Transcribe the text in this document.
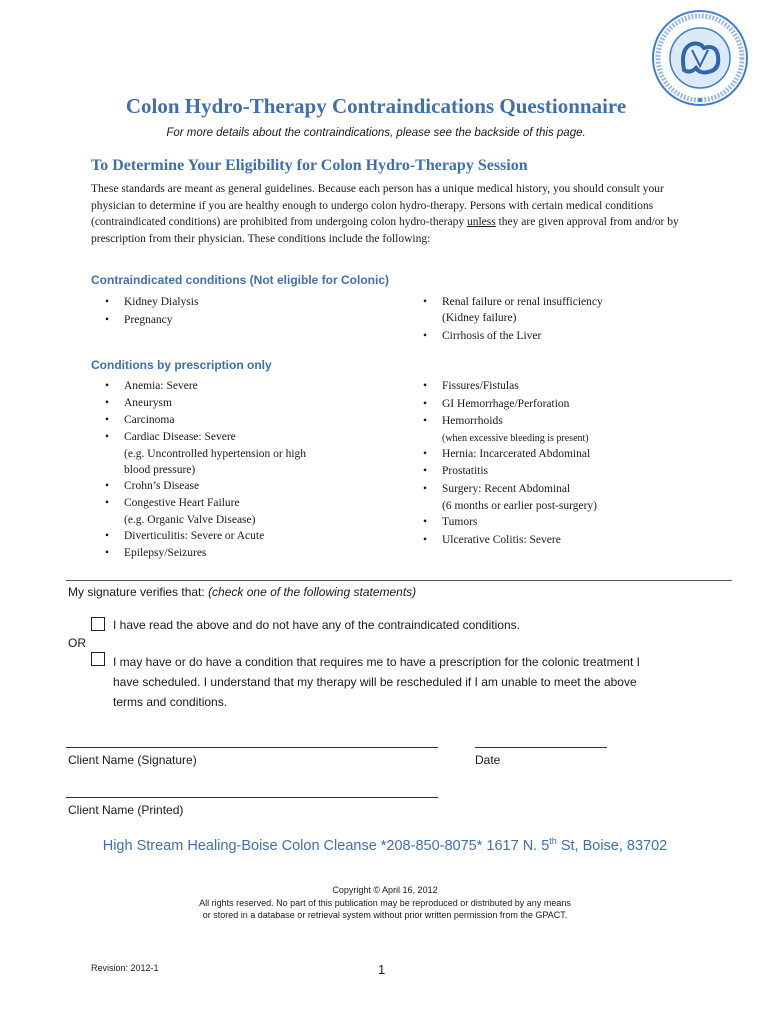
Colon Hydro-Therapy Contraindications Questionnaire
For more details about the contraindications, please see the backside of this page.
To Determine Your Eligibility for Colon Hydro-Therapy Session
These standards are meant as general guidelines. Because each person has a unique medical history, you should consult your physician to determine if you are healthy enough to undergo colon hydro-therapy. Persons with certain medical conditions (contraindicated conditions) are prohibited from undergoing colon hydro-therapy unless they are given approval from and/or by prescription from their physician. These conditions include the following:
Contraindicated conditions (Not eligible for Colonic)
• Kidney Dialysis
• Pregnancy
• Renal failure or renal insufficiency
(Kidney failure)
• Cirrhosis of the Liver
Conditions by prescription only
• Anemia: Severe
• Aneurysm
• Carcinoma
• Cardiac Disease: Severe
(e.g. Uncontrolled hypertension or high
blood pressure)
• Crohn’s Disease
• Congestive Heart Failure
(e.g. Organic Valve Disease)
• Diverticulitis: Severe or Acute
• Epilepsy/Seizures
• Fissures/Fistulas
• GI Hemorrhage/Perforation
• Hemorrhoids
(when excessive bleeding is present)
• Hernia: Incarcerated Abdominal
• Prostatitis
• Surgery: Recent Abdominal
(6 months or earlier post-surgery)
• Tumors
• Ulcerative Colitis: Severe
My signature verifies that: (check one of the following statements)
I have read the above and do not have any of the contraindicated conditions.
OR
I may have or do have a condition that requires me to have a prescription for the colonic treatment I
have scheduled. I understand that my therapy will be rescheduled if I am unable to meet the above
terms and conditions.
Client Name (Signature)	Date
Client Name (Printed)
High Stream Healing-Boise Colon Cleanse *208-850-8075* 1617 N. 5th St, Boise, 83702
Copyright © April 16, 2012
All rights reserved. No part of this publication may be reproduced or distributed by any means
or stored in a database or retrieval system without prior written permission from the GPACT.
Revision: 2012-1	1
